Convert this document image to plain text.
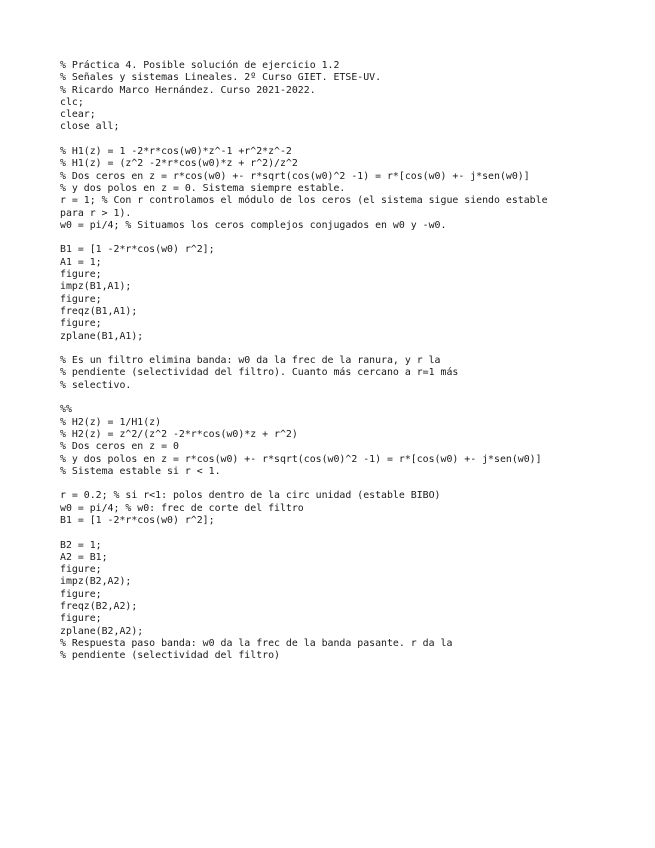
% Práctica 4. Posible solución de ejercicio 1.2
% Señales y sistemas Lineales. 2º Curso GIET. ETSE-UV.
% Ricardo Marco Hernández. Curso 2021-2022.
clc;
clear;
close all;
% H1(z) = 1 -2*r*cos(w0)*z^-1 +r^2*z^-2
% H1(z) = (z^2 -2*r*cos(w0)*z + r^2)/z^2
% Dos ceros en z = r*cos(w0) +- r*sqrt(cos(w0)^2 -1) = r*[cos(w0) +- j*sen(w0)]
% y dos polos en z = 0. Sistema siempre estable.
r = 1; % Con r controlamos el módulo de los ceros (el sistema sigue siendo estable
para r > 1).
w0 = pi/4; % Situamos los ceros complejos conjugados en w0 y -w0.
B1 = [1 -2*r*cos(w0) r^2];
A1 = 1;
figure;
impz(B1,A1);
figure;
freqz(B1,A1);
figure;
zplane(B1,A1);
% Es un filtro elimina banda: w0 da la frec de la ranura, y r la
% pendiente (selectividad del filtro). Cuanto más cercano a r=1 más
% selectivo.
%%
% H2(z) = 1/H1(z)
% H2(z) = z^2/(z^2 -2*r*cos(w0)*z + r^2)
% Dos ceros en z = 0
% y dos polos en z = r*cos(w0) +- r*sqrt(cos(w0)^2 -1) = r*[cos(w0) +- j*sen(w0)]
% Sistema estable si r < 1.
r = 0.2; % si r<1: polos dentro de la circ unidad (estable BIBO)
w0 = pi/4; % w0: frec de corte del filtro
B1 = [1 -2*r*cos(w0) r^2];
B2 = 1;
A2 = B1;
figure;
impz(B2,A2);
figure;
freqz(B2,A2);
figure;
zplane(B2,A2);
% Respuesta paso banda: w0 da la frec de la banda pasante. r da la
% pendiente (selectividad del filtro)
